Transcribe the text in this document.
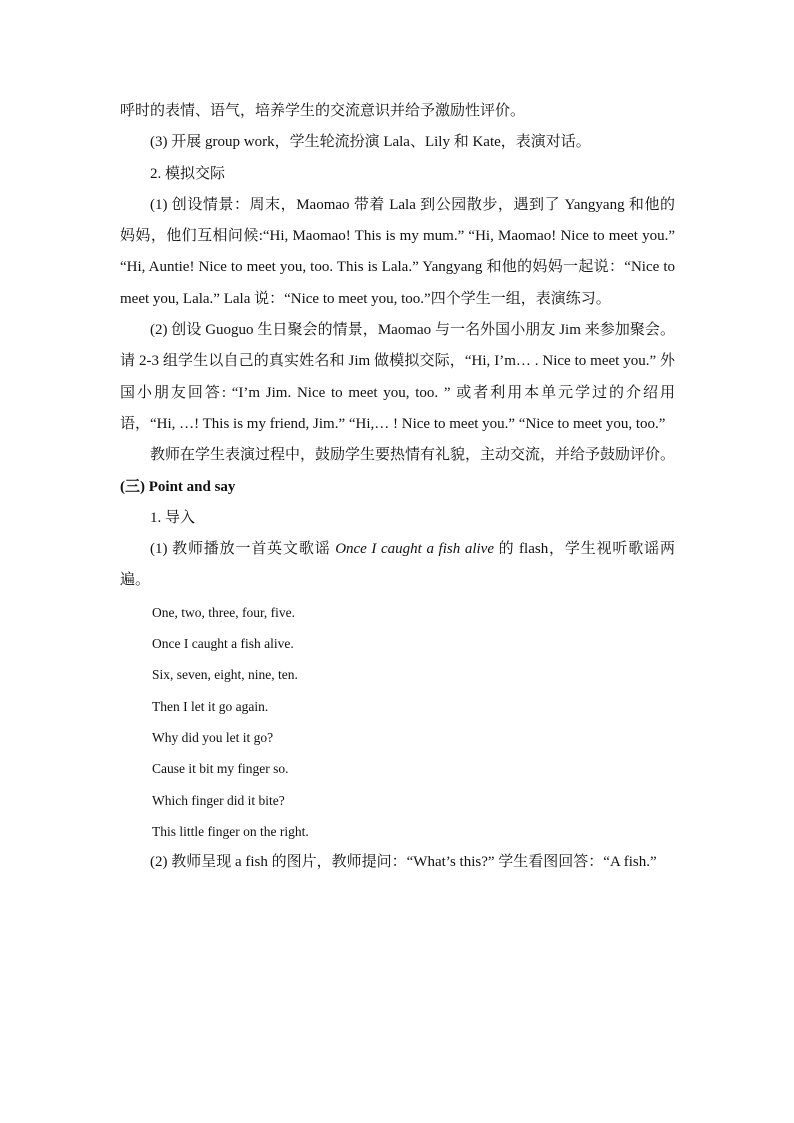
呼时的表情、语气，培养学生的交流意识并给予激励性评价。

(3) 开展 group work，学生轮流扮演 Lala、Lily 和 Kate，表演对话。

2. 模拟交际

(1) 创设情景：周末，Maomao 带着 Lala 到公园散步，遇到了 Yangyang 和他的妈妈，他们互相问候:“Hi, Maomao! This is my mum.” “Hi, Maomao! Nice to meet you.” “Hi, Auntie! Nice to meet you, too. This is Lala.” Yangyang 和他的妈妈一起说：“Nice to meet you, Lala.” Lala 说：“Nice to meet you, too.”四个学生一组，表演练习。

(2) 创设 Guoguo 生日聚会的情景，Maomao 与一名外国小朋友 Jim 来参加聚会。请 2-3 组学生以自己的真实姓名和 Jim 做模拟交际，“Hi, I’m… . Nice to meet you.” 外国小朋友回答: “I’m Jim. Nice to meet you, too. ” 或者利用本单元学过的介绍用语，“Hi, …! This is my friend, Jim.” “Hi,… ! Nice to meet you.” “Nice to meet you, too.”

教师在学生表演过程中，鼓励学生要热情有礼貌，主动交流，并给予鼓励评价。

(三) Point and say

1. 导入

(1) 教师播放一首英文歌谣 Once I caught a fish alive 的 flash，学生视听歌谣两遍。

One, two, three, four, five.
Once I caught a fish alive.
Six, seven, eight, nine, ten.
Then I let it go again.
Why did you let it go?
Cause it bit my finger so.
Which finger did it bite?
This little finger on the right.

(2) 教师呈现 a fish 的图片，教师提问：“What’s this?” 学生看图回答：“A fish.”
